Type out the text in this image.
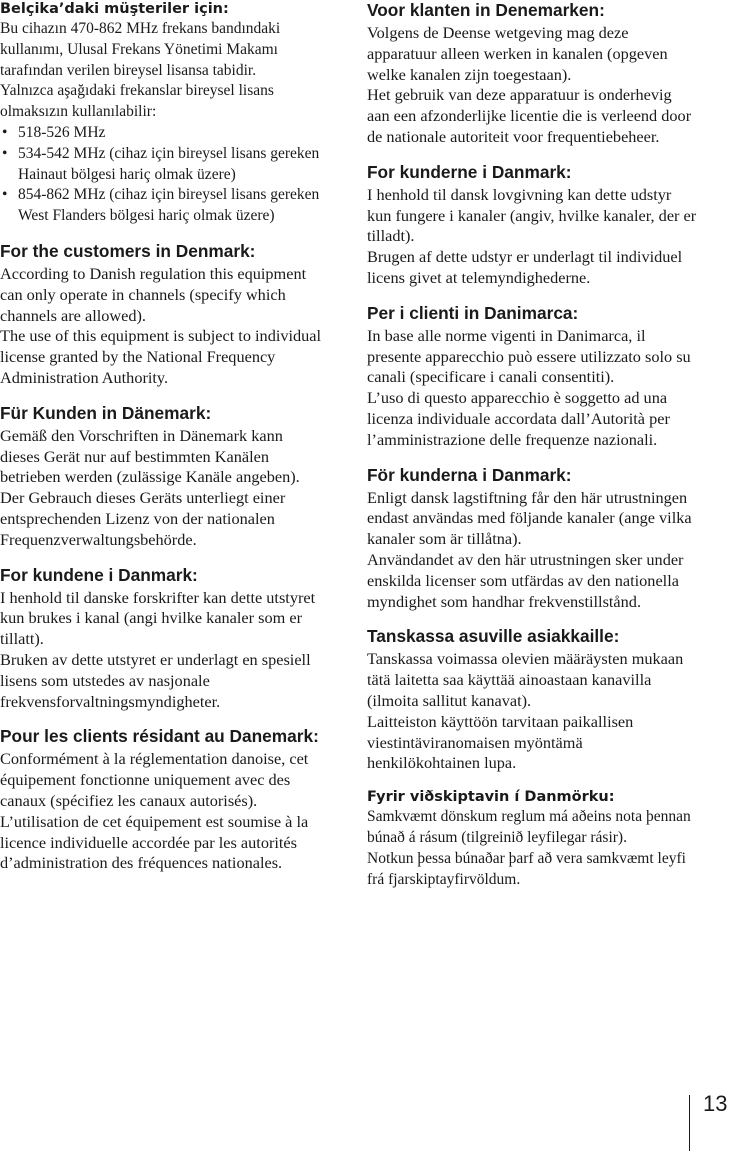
Belçika’daki müşteriler için:
Bu cihazın 470-862 MHz frekans bandındaki kullanımı, Ulusal Frekans Yönetimi Makamı tarafından verilen bireysel lisansa tabidir.
Yalnızca aşağıdaki frekanslar bireysel lisans olmaksızın kullanılabilir:
• 518-526 MHz
• 534-542 MHz (cihaz için bireysel lisans gereken Hainaut bölgesi hariç olmak üzere)
• 854-862 MHz (cihaz için bireysel lisans gereken West Flanders bölgesi hariç olmak üzere)
For the customers in Denmark:
According to Danish regulation this equipment can only operate in channels (specify which channels are allowed).
The use of this equipment is subject to individual license granted by the National Frequency Administration Authority.
Für Kunden in Dänemark:
Gemäß den Vorschriften in Dänemark kann dieses Gerät nur auf bestimmten Kanälen betrieben werden (zulässige Kanäle angeben).
Der Gebrauch dieses Geräts unterliegt einer entsprechenden Lizenz von der nationalen Frequenzverwaltungsbehörde.
For kundene i Danmark:
I henhold til danske forskrifter kan dette utstyret kun brukes i kanal (angi hvilke kanaler som er tillatt).
Bruken av dette utstyret er underlagt en spesiell lisens som utstedes av nasjonale frekvensforvaltningsmyndigheter.
Pour les clients résidant au Danemark:
Conformément à la réglementation danoise, cet équipement fonctionne uniquement avec des canaux (spécifiez les canaux autorisés).
L’utilisation de cet équipement est soumise à la licence individuelle accordée par les autorités d’administration des fréquences nationales.
Voor klanten in Denemarken:
Volgens de Deense wetgeving mag deze apparatuur alleen werken in kanalen (opgeven welke kanalen zijn toegestaan).
Het gebruik van deze apparatuur is onderhevig aan een afzonderlijke licentie die is verleend door de nationale autoriteit voor frequentiebeheer.
For kunderne i Danmark:
I henhold til dansk lovgivning kan dette udstyr kun fungere i kanaler (angiv, hvilke kanaler, der er tilladt).
Brugen af dette udstyr er underlagt til individuel licens givet at telemyndighederne.
Per i clienti in Danimarca:
In base alle norme vigenti in Danimarca, il presente apparecchio può essere utilizzato solo su canali (specificare i canali consentiti).
L’uso di questo apparecchio è soggetto ad una licenza individuale accordata dall’Autorità per l’amministrazione delle frequenze nazionali.
För kunderna i Danmark:
Enligt dansk lagstiftning får den här utrustningen endast användas med följande kanaler (ange vilka kanaler som är tillåtna).
Användandet av den här utrustningen sker under enskilda licenser som utfärdas av den nationella myndighet som handhar frekvenstillstånd.
Tanskassa asuville asiakkaille:
Tanskassa voimassa olevien määräysten mukaan tätä laitetta saa käyttää ainoastaan kanavilla (ilmoita sallitut kanavat).
Laitteiston käyttöön tarvitaan paikallisen viestintäviranomaisen myöntämä henkilökohtainen lupa.
Fyrir viðskiptavin í Danmörku:
Samkvæmt dönskum reglum má aðeins nota þennan búnað á rásum (tilgreinið leyfilegar rásir).
Notkun þessa búnaðar þarf að vera samkvæmt leyfi frá fjarskiptayfirvöldum.
13
